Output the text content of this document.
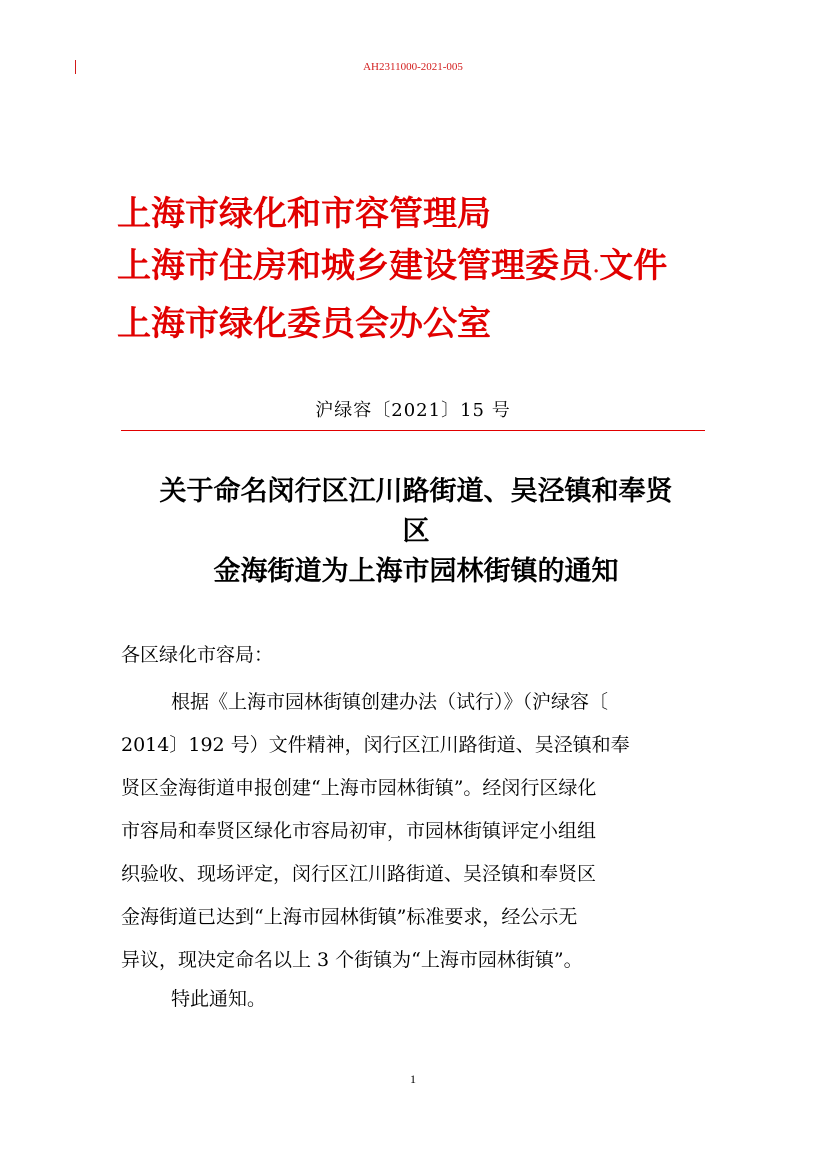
AH2311000-2021-005
上海市绿化和市容管理局
上海市住房和城乡建设管理委员·文件
上海市绿化委员会办公室
沪绿容〔2021〕15 号
关于命名闵行区江川路街道、吴泾镇和奉贤
区
金海街道为上海市园林街镇的通知
各区绿化市容局：
根据《上海市园林街镇创建办法（试行）》（沪绿容〔
2014〕192 号）文件精神，闵行区江川路街道、吴泾镇和奉
贤区金海街道申报创建“上海市园林街镇”。经闵行区绿化
市容局和奉贤区绿化市容局初审，市园林街镇评定小组组
织验收、现场评定，闵行区江川路街道、吴泾镇和奉贤区
金海街道已达到“上海市园林街镇”标准要求，经公示无
异议，现决定命名以上 3 个街镇为“上海市园林街镇”。
特此通知。
1
